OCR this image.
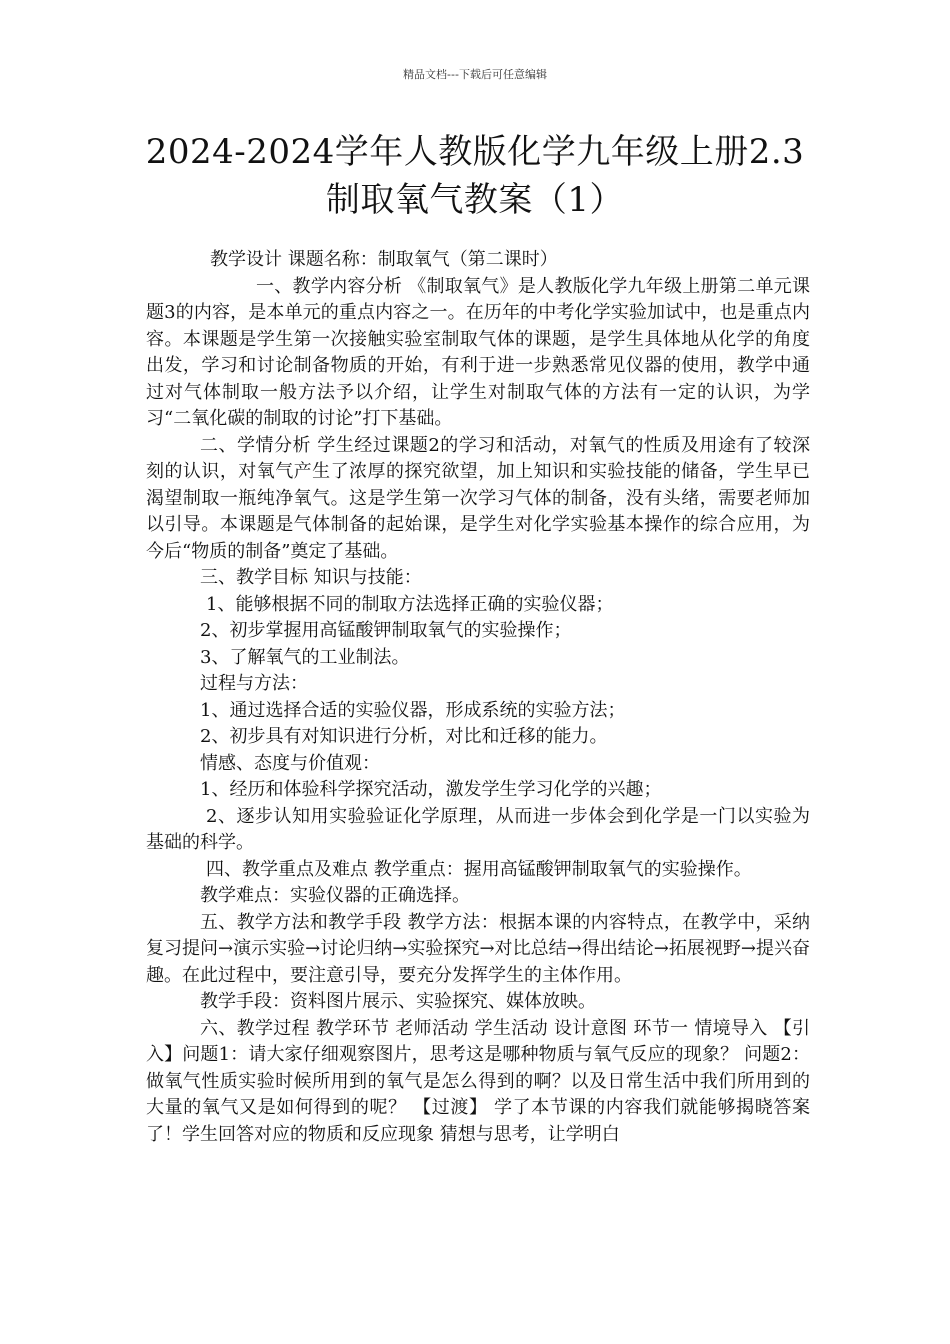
精品文档---下载后可任意编辑
2024-2024学年人教版化学九年级上册2.3
制取氧气教案（1）

教学设计 课题名称：制取氧气（第二课时）

一、教学内容分析 《制取氧气》是人教版化学九年级上册第二单元课题3的内容，是本单元的重点内容之一。在历年的中考化学实验加试中，也是重点内容。本课题是学生第一次接触实验室制取气体的课题，是学生具体地从化学的角度出发，学习和讨论制备物质的开始，有利于进一步熟悉常见仪器的使用，教学中通过对气体制取一般方法予以介绍，让学生对制取气体的方法有一定的认识，为学习“二氧化碳的制取的讨论”打下基础。

二、学情分析 学生经过课题2的学习和活动，对氧气的性质及用途有了较深刻的认识，对氧气产生了浓厚的探究欲望，加上知识和实验技能的储备，学生早已渴望制取一瓶纯净氧气。这是学生第一次学习气体的制备，没有头绪，需要老师加以引导。本课题是气体制备的起始课，是学生对化学实验基本操作的综合应用，为今后“物质的制备”奠定了基础。

三、教学目标 知识与技能：

1、能够根据不同的制取方法选择正确的实验仪器；

2、初步掌握用高锰酸钾制取氧气的实验操作；

3、了解氧气的工业制法。

过程与方法：

1、通过选择合适的实验仪器，形成系统的实验方法；

2、初步具有对知识进行分析，对比和迁移的能力。

情感、态度与价值观：

1、经历和体验科学探究活动，激发学生学习化学的兴趣；

2、逐步认知用实验验证化学原理，从而进一步体会到化学是一门以实验为基础的科学。

四、教学重点及难点 教学重点：握用高锰酸钾制取氧气的实验操作。

教学难点：实验仪器的正确选择。

五、教学方法和教学手段 教学方法：根据本课的内容特点，在教学中，采纳复习提问→演示实验→讨论归纳→实验探究→对比总结→得出结论→拓展视野→提兴奋趣。在此过程中，要注意引导，要充分发挥学生的主体作用。

教学手段：资料图片展示、实验探究、媒体放映。

六、教学过程 教学环节 老师活动 学生活动 设计意图 环节一 情境导入 【引入】问题1：请大家仔细观察图片，思考这是哪种物质与氧气反应的现象？ 问题2：做氧气性质实验时候所用到的氧气是怎么得到的啊？以及日常生活中我们所用到的大量的氧气又是如何得到的呢？ 【过渡】 学了本节课的内容我们就能够揭晓答案了！学生回答对应的物质和反应现象 猜想与思考，让学明白
